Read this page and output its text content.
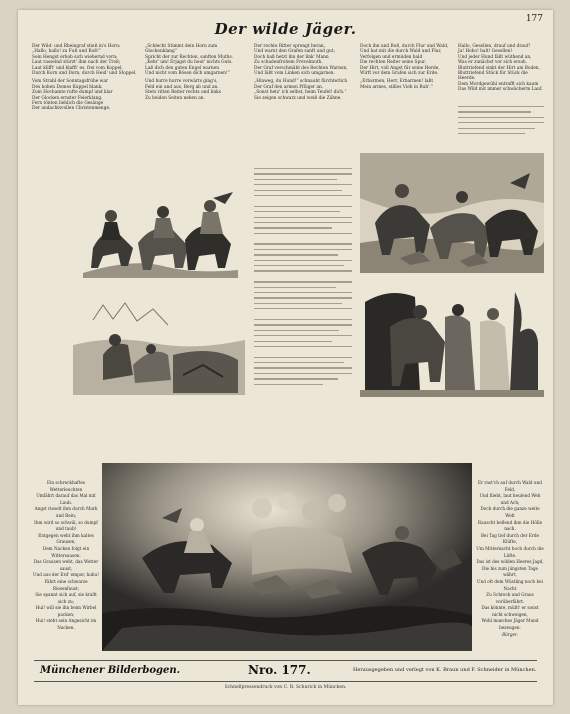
177
Der wilde Jäger.

Der Wild- und Rheingraf stieß in's Horn:
„Hallo, hallo! zu Fuß und Roß!“
Sein Hengst erhob sich wiehernd vorn;
Laut rasselnd stürzt' ihm nach der Troß;
Laut klifft' und klafft' es, frei vom Koppel,
Durch Korn und Dorn, durch Heid' und Stoppel.

Vom Strahl der Sonntagsfrühe war
Des hohen Domes Kuppel blank.
Zum Hochamte rufte dumpf und klar
Der Glocken ernster Feierklang.
Fern tönten lieblich die Gesänge
Der andachtsvollen Christenmenge.

„Schlecht Stimmt dein Horn zum Glockenklang“
Spricht der zur Rechten, sanften Muths.
„Kehr' um! Erjagst du heut' nichts Guts.
Laß dich den guten Engel warnen
Und nicht vom Bösen dich umgarnen!“

Und hurre hurre vorwärts ging's,
Feld ein und aus, Berg ab und an.
Stets ritten Reiter rechts und links
Zu beiden Seiten neben an.

Der rechte Ritter sprengt heran,
Und warnt den Grafen sanft und gut;
Doch baß hetzt ihn der link' Mann
Zu schadenfrohem Frevelmuth.
Der Graf verschmäht des Rechten Warnen,
Und läßt vom Linken sich umgarnen.

„Hinweg, du Hund!“ schnaubt fürchterlich
Der Graf den armen Pflüger an.
„Sonst hetz' ich selbst, beim Teufel! dich.“
Sie zeigen schwarz und weiß die Zähne.

Doch ihn und Roß, durch Flur und Wald,
Und hat mit die durch Wald und Flur,
Verfolgen und ermüden bald
Die rechten Reiter seine Spur.
Der Hirt, voll Angst für seine Herde,
Wirft vor dem Grafen sich zur Erde.

„Erbarmen, Herr, Erbarmen! laßt
Mein armes, stilles Vieh in Ruh'.“

Hallo, Gesellen, drauf und drauf!
Ja! Hoho! halt! Gesellen!
Und jeder Hund fällt wüthend an,
Was er zunächst vor sich ersah.
Bluttriefend sinkt der Hirt am Boden,
Bluttriefend Stück für Stück die Heerde.
Dem Mordgewühl entrafft sich kaum
Das Wild mit immer schwächerm Lauf.

Ein schreckhaftes Wetterleuchten
Umfährt darauf das Mal mit Laub.
Angst rieselt ihm durch Mark und Bein;
Ihm wird so schwül, so dumpf und taub!
Entgegen weht ihm kaltes Grausen,
Dem Nacken folgt ein Wittersausen.
Das Grausen weht, das Wetter saust,
Und aus der Erd' empor, huhu!
Fährt eine schwarze Riesenfaust;
Sie spannt sich auf, sie krallt sich zu;
Hui! will sie ihn beim Wirbel packen;
Hui! steht sein Angesicht im Nacken.
Er rast'ch auf durch Wald und Feld,
Und flieht, laut heulend Weh und Ach;
Doch durch die ganze weite Welt
Rauscht bellend ihm die Hölle nach.
Bei Tag tief durch der Erde Klüfte,
Um Mitternacht hoch durch die Lüfte.
Das ist des wilden Heeres Jagd,
Die bis zum jüngsten Tage währt,
Und oft dem Wüstling noch bei Nacht
Zu Schreck und Graus vorüberfährt.
Das könnte, müßt' er sonst nicht schweigen,
Wohl manches Jäger Mund bezeugen.
Bürger.
Münchener Bilderbogen.	Nro. 177.	Herausgegeben und verlegt von K. Braun und F. Schneider in München.
Schnellpressendruck von C. R. Schurich in München.
